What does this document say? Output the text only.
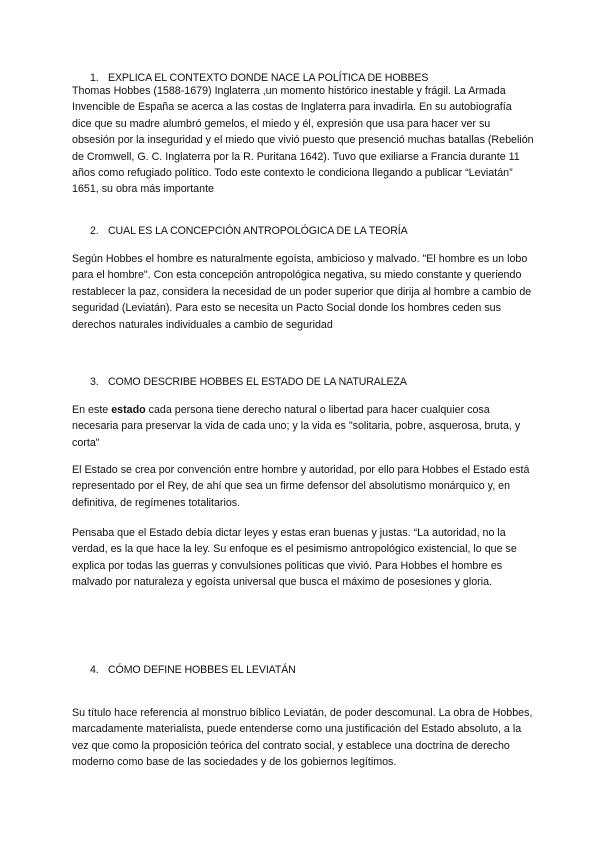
1. EXPLICA EL CONTEXTO DONDE NACE LA POLÍTICA DE HOBBES

Thomas Hobbes (1588-1679) Inglaterra ,un momento histórico inestable y frágil. La Armada Invencible de España se acerca a las costas de Inglaterra para invadirla. En su autobiografía dice que su madre alumbró gemelos, el miedo y él, expresión que usa para hacer ver su obsesión por la inseguridad y el miedo que vivió puesto que presenció muchas batallas (Rebelión de Cromwell, G. C. Inglaterra por la R. Puritana 1642). Tuvo que exiliarse a Francia durante 11 años como refugiado político. Todo este contexto le condiciona llegando a publicar “Leviatán” 1651, su obra más importante

2. CUAL ES LA CONCEPCIÓN ANTROPOLÓGICA DE LA TEORÍA

Según Hobbes el hombre es naturalmente egoísta, ambicioso y malvado. "El hombre es un lobo para el hombre". Con esta concepción antropológica negativa, su miedo constante y queriendo restablecer la paz, considera la necesidad de un poder superior que dirija al hombre a cambio de seguridad (Leviatán). Para esto se necesita un Pacto Social donde los hombres ceden sus derechos naturales individuales a cambio de seguridad

3. COMO DESCRIBE HOBBES EL ESTADO DE LA NATURALEZA

En este estado cada persona tiene derecho natural o libertad para hacer cualquier cosa necesaria para preservar la vida de cada uno; y la vida es "solitaria, pobre, asquerosa, bruta, y corta"

El Estado se crea por convención entre hombre y autoridad, por ello para Hobbes el Estado está representado por el Rey, de ahí que sea un firme defensor del absolutismo monárquico y, en definitiva, de regímenes totalitarios.

Pensaba que el Estado debía dictar leyes y estas eran buenas y justas. “La autoridad, no la verdad, es la que hace la ley. Su enfoque es el pesimismo antropológico existencial, lo que se explica por todas las guerras y convulsiones políticas que vivió. Para Hobbes el hombre es malvado por naturaleza y egoísta universal que busca el máximo de posesiones y gloria.

4. CÓMO DEFINE HOBBES EL LEVIATÁN

Su título hace referencia al monstruo bíblico Leviatán, de poder descomunal. La obra de Hobbes, marcadamente materialista, puede entenderse como una justificación del Estado absoluto, a la vez que como la proposición teórica del contrato social, y establece una doctrina de derecho moderno como base de las sociedades y de los gobiernos legítimos.
